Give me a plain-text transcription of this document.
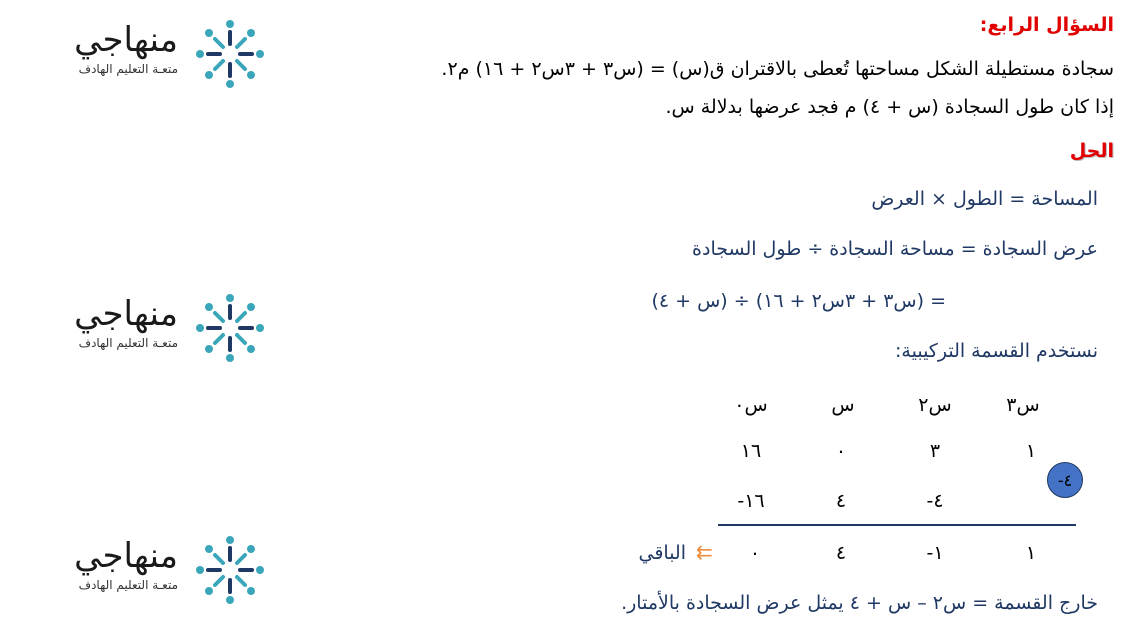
منهاجي
متعـة التعليم الهادف
منهاجي
متعـة التعليم الهادف
منهاجي
متعـة التعليم الهادف
السؤال الرابع:
سجادة مستطيلة الشكل مساحتها تُعطى بالاقتران ق(س) = (س٣ + ٣س٢ + ١٦) م٢.
إذا كان طول السجادة (س + ٤) م فجد عرضها بدلالة س.
الحل
المساحة = الطول × العرض
عرض السجادة = مساحة السجادة ÷ طول السجادة
= (س٣ + ٣س٢ + ١٦) ÷ (س + ٤)
نستخدم القسمة التركيبية:
س٣
س٢
س
س٠
١
٣
٠
١٦
-٤
-٤
٤
-١٦
١
-١
٤
٠
⇇
الباقي
خارج القسمة = س٢ – س + ٤ يمثل عرض السجادة بالأمتار.
